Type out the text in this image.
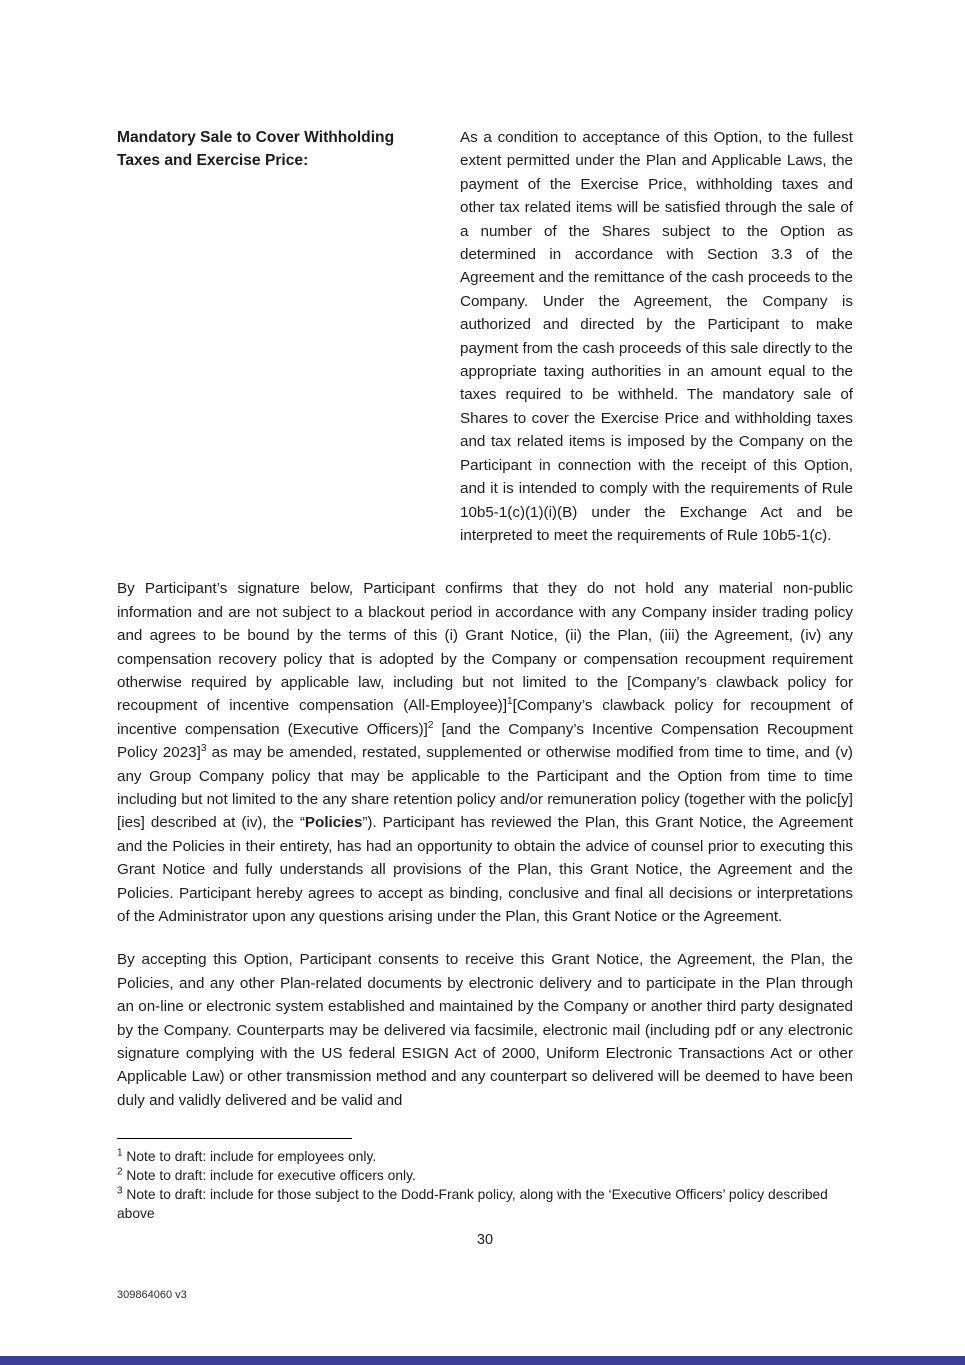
Mandatory Sale to Cover Withholding Taxes and Exercise Price:
As a condition to acceptance of this Option, to the fullest extent permitted under the Plan and Applicable Laws, the payment of the Exercise Price, withholding taxes and other tax related items will be satisfied through the sale of a number of the Shares subject to the Option as determined in accordance with Section 3.3 of the Agreement and the remittance of the cash proceeds to the Company. Under the Agreement, the Company is authorized and directed by the Participant to make payment from the cash proceeds of this sale directly to the appropriate taxing authorities in an amount equal to the taxes required to be withheld. The mandatory sale of Shares to cover the Exercise Price and withholding taxes and tax related items is imposed by the Company on the Participant in connection with the receipt of this Option, and it is intended to comply with the requirements of Rule 10b5-1(c)(1)(i)(B) under the Exchange Act and be interpreted to meet the requirements of Rule 10b5-1(c).

By Participant’s signature below, Participant confirms that they do not hold any material non-public information and are not subject to a blackout period in accordance with any Company insider trading policy and agrees to be bound by the terms of this (i) Grant Notice, (ii) the Plan, (iii) the Agreement, (iv) any compensation recovery policy that is adopted by the Company or compensation recoupment requirement otherwise required by applicable law, including but not limited to the [Company’s clawback policy for recoupment of incentive compensation (All-Employee)]$^1$[Company’s clawback policy for recoupment of incentive compensation (Executive Officers)]$^2$ [and the Company’s Incentive Compensation Recoupment Policy 2023]$^3$ as may be amended, restated, supplemented or otherwise modified from time to time, and (v) any Group Company policy that may be applicable to the Participant and the Option from time to time including but not limited to the any share retention policy and/or remuneration policy (together with the polic[y][ies] described at (iv), the “Policies”). Participant has reviewed the Plan, this Grant Notice, the Agreement and the Policies in their entirety, has had an opportunity to obtain the advice of counsel prior to executing this Grant Notice and fully understands all provisions of the Plan, this Grant Notice, the Agreement and the Policies. Participant hereby agrees to accept as binding, conclusive and final all decisions or interpretations of the Administrator upon any questions arising under the Plan, this Grant Notice or the Agreement.

By accepting this Option, Participant consents to receive this Grant Notice, the Agreement, the Plan, the Policies, and any other Plan-related documents by electronic delivery and to participate in the Plan through an on-line or electronic system established and maintained by the Company or another third party designated by the Company. Counterparts may be delivered via facsimile, electronic mail (including pdf or any electronic signature complying with the US federal ESIGN Act of 2000, Uniform Electronic Transactions Act or other Applicable Law) or other transmission method and any counterpart so delivered will be deemed to have been duly and validly delivered and be valid and

$^1$ Note to draft: include for employees only.

$^2$ Note to draft: include for executive officers only.

$^3$ Note to draft: include for those subject to the Dodd-Frank policy, along with the ‘Executive Officers’ policy described above

30
309864060 v3
